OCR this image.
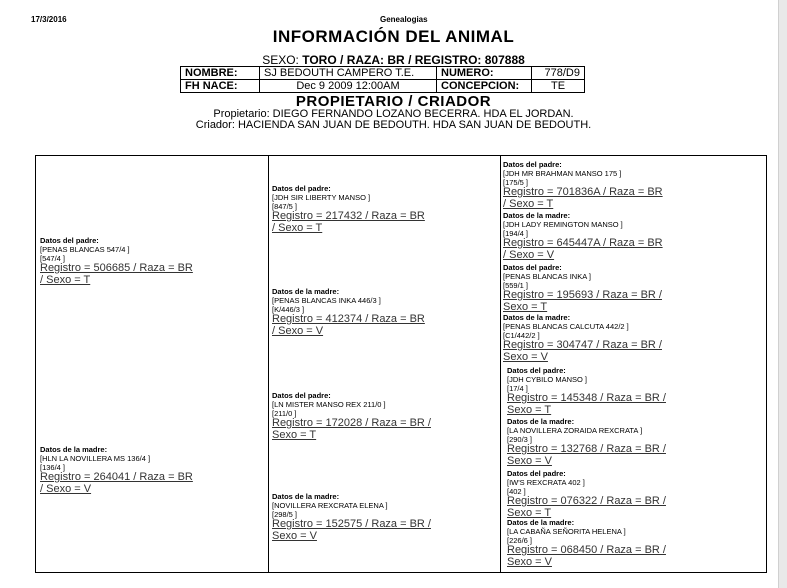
17/3/2016	Genealogias
INFORMACIÓN DEL ANIMAL
SEXO: TORO / RAZA: BR / REGISTRO: 807888
NOMBRE:	SJ BEDOUTH CAMPERO T.E.	NUMERO:	778/D9
FH NACE:	Dec 9 2009 12:00AM	CONCEPCION:	TE
PROPIETARIO / CRIADOR
Propietario: DIEGO FERNANDO LOZANO BECERRA. HDA EL JORDAN.
Criador: HACIENDA SAN JUAN DE BEDOUTH. HDA SAN JUAN DE BEDOUTH.
Datos del padre:
[PENAS BLANCAS 547/4 ]
[547/4 ]
Registro = 506685 / Raza = BR
/ Sexo = T
Datos de la madre:
[HLN LA NOVILLERA MS 136/4 ]
[136/4 ]
Registro = 264041 / Raza = BR
/ Sexo = V
Datos del padre:
[JDH SIR LIBERTY MANSO ]
[847/5 ]
Registro = 217432 / Raza = BR
/ Sexo = T
Datos de la madre:
[PENAS BLANCAS INKA 446/3 ]
[K/446/3 ]
Registro = 412374 / Raza = BR
/ Sexo = V
Datos del padre:
[LN MISTER MANSO REX 211/0 ]
[211/0 ]
Registro = 172028 / Raza = BR /
Sexo = T
Datos de la madre:
[NOVILLERA REXCRATA ELENA ]
[298/5 ]
Registro = 152575 / Raza = BR /
Sexo = V
Datos del padre:
[JDH MR BRAHMAN MANSO 175 ]
[175/5 ]
Registro = 701836A / Raza = BR
/ Sexo = T
Datos de la madre:
[JDH LADY REMINGTON MANSO ]
[194/4 ]
Registro = 645447A / Raza = BR
/ Sexo = V
Datos del padre:
[PENAS BLANCAS INKA ]
[559/1 ]
Registro = 195693 / Raza = BR /
Sexo = T
Datos de la madre:
[PENAS BLANCAS CALCUTA 442/2 ]
[C1/442/2 ]
Registro = 304747 / Raza = BR /
Sexo = V
Datos del padre:
[JDH CYBILO MANSO ]
[17/4 ]
Registro = 145348 / Raza = BR /
Sexo = T
Datos de la madre:
[LA NOVILLERA ZORAIDA REXCRATA ]
[290/3 ]
Registro = 132768 / Raza = BR /
Sexo = V
Datos del padre:
[IW'S REXCRATA 402 ]
[402 ]
Registro = 076322 / Raza = BR /
Sexo = T
Datos de la madre:
[LA CABAÑA SEÑORITA HELENA ]
[226/6 ]
Registro = 068450 / Raza = BR /
Sexo = V
